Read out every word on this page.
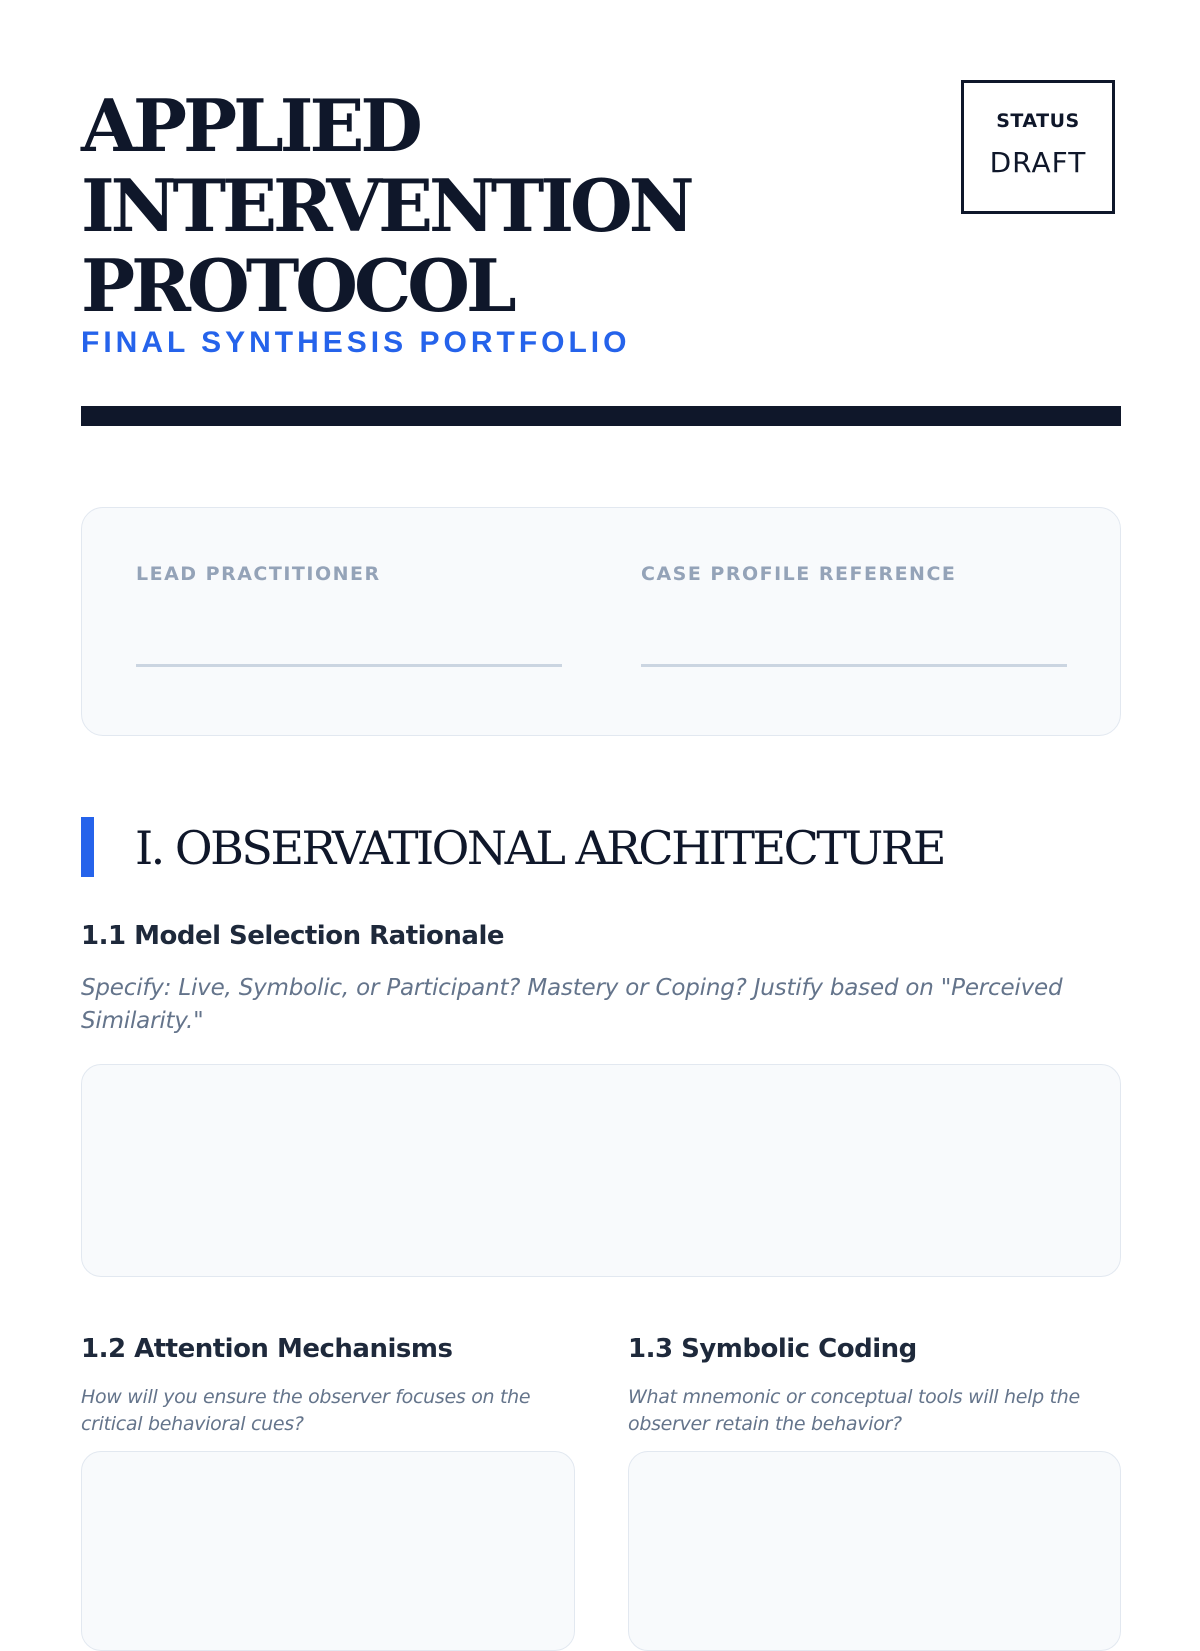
APPLIED
INTERVENTION
PROTOCOL
FINAL SYNTHESIS PORTFOLIO
STATUS
DRAFT
LEAD PRACTITIONER	CASE PROFILE REFERENCE
I. OBSERVATIONAL ARCHITECTURE
1.1 Model Selection Rationale

Specify: Live, Symbolic, or Participant? Mastery or Coping? Justify based on "Perceived Similarity."

1.2 Attention Mechanisms

How will you ensure the observer focuses on the critical behavioral cues?

1.3 Symbolic Coding

What mnemonic or conceptual tools will help the observer retain the behavior?
